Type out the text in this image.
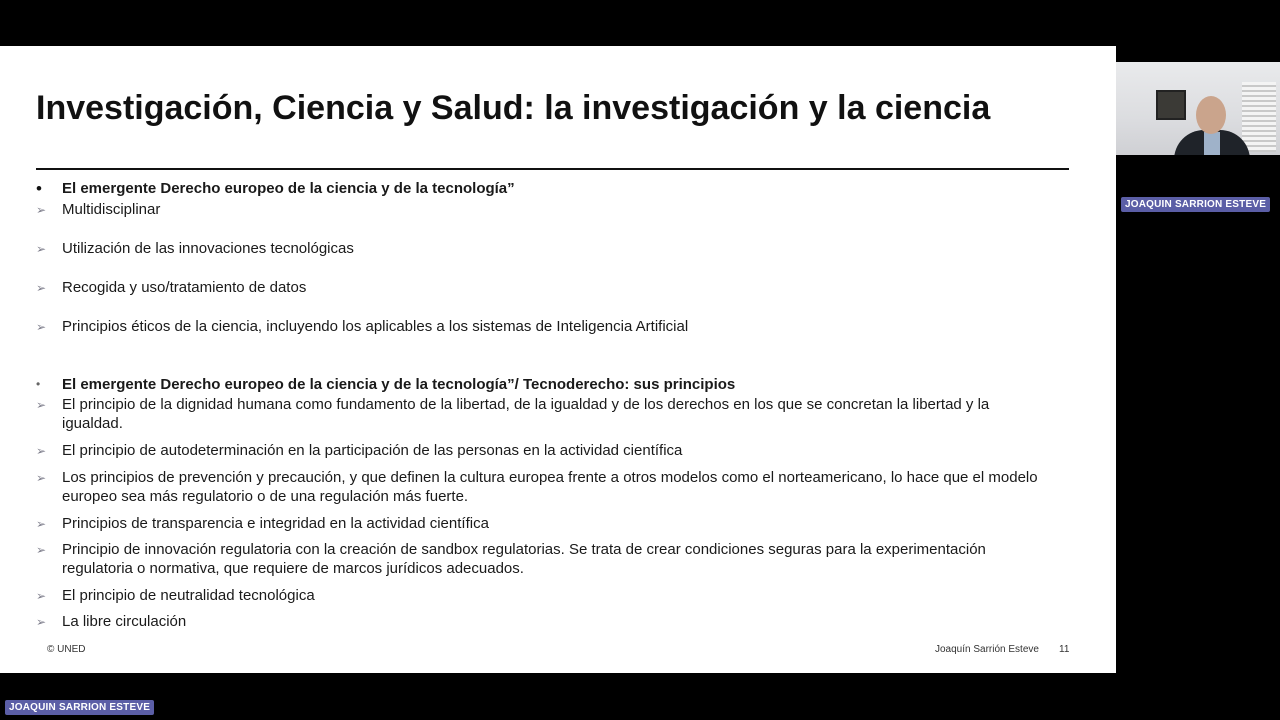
Investigación, Ciencia y Salud: la investigación y la ciencia
•	El emergente Derecho europeo de la ciencia y de la tecnología”
➢	Multidisciplinar
➢	Utilización de las innovaciones tecnológicas
➢	Recogida y uso/tratamiento de datos
➢	Principios éticos de la ciencia, incluyendo los aplicables a los sistemas de Inteligencia Artificial
•	El emergente Derecho europeo de la ciencia y de la tecnología”/ Tecnoderecho: sus principios
➢	El principio de la dignidad humana como fundamento de la libertad, de la igualdad y de los derechos en los que se concretan la libertad y la igualdad.
➢	El principio de autodeterminación en la participación de las personas en la actividad científica
➢	Los principios de prevención y precaución, y que definen la cultura europea frente a otros modelos como el norteamericano, lo hace que el modelo europeo sea más regulatorio o de una regulación más fuerte.
➢	Principios de transparencia e integridad en la actividad científica
➢	Principio de innovación regulatoria con la creación de sandbox regulatorias. Se trata de crear condiciones seguras para la experimentación regulatoria o normativa, que requiere de marcos jurídicos adecuados.
➢	El principio de neutralidad tecnológica
➢	La libre circulación
© UNED	Joaquín Sarrión Esteve 11
JOAQUIN SARRION ESTEVE
JOAQUIN SARRION ESTEVE
